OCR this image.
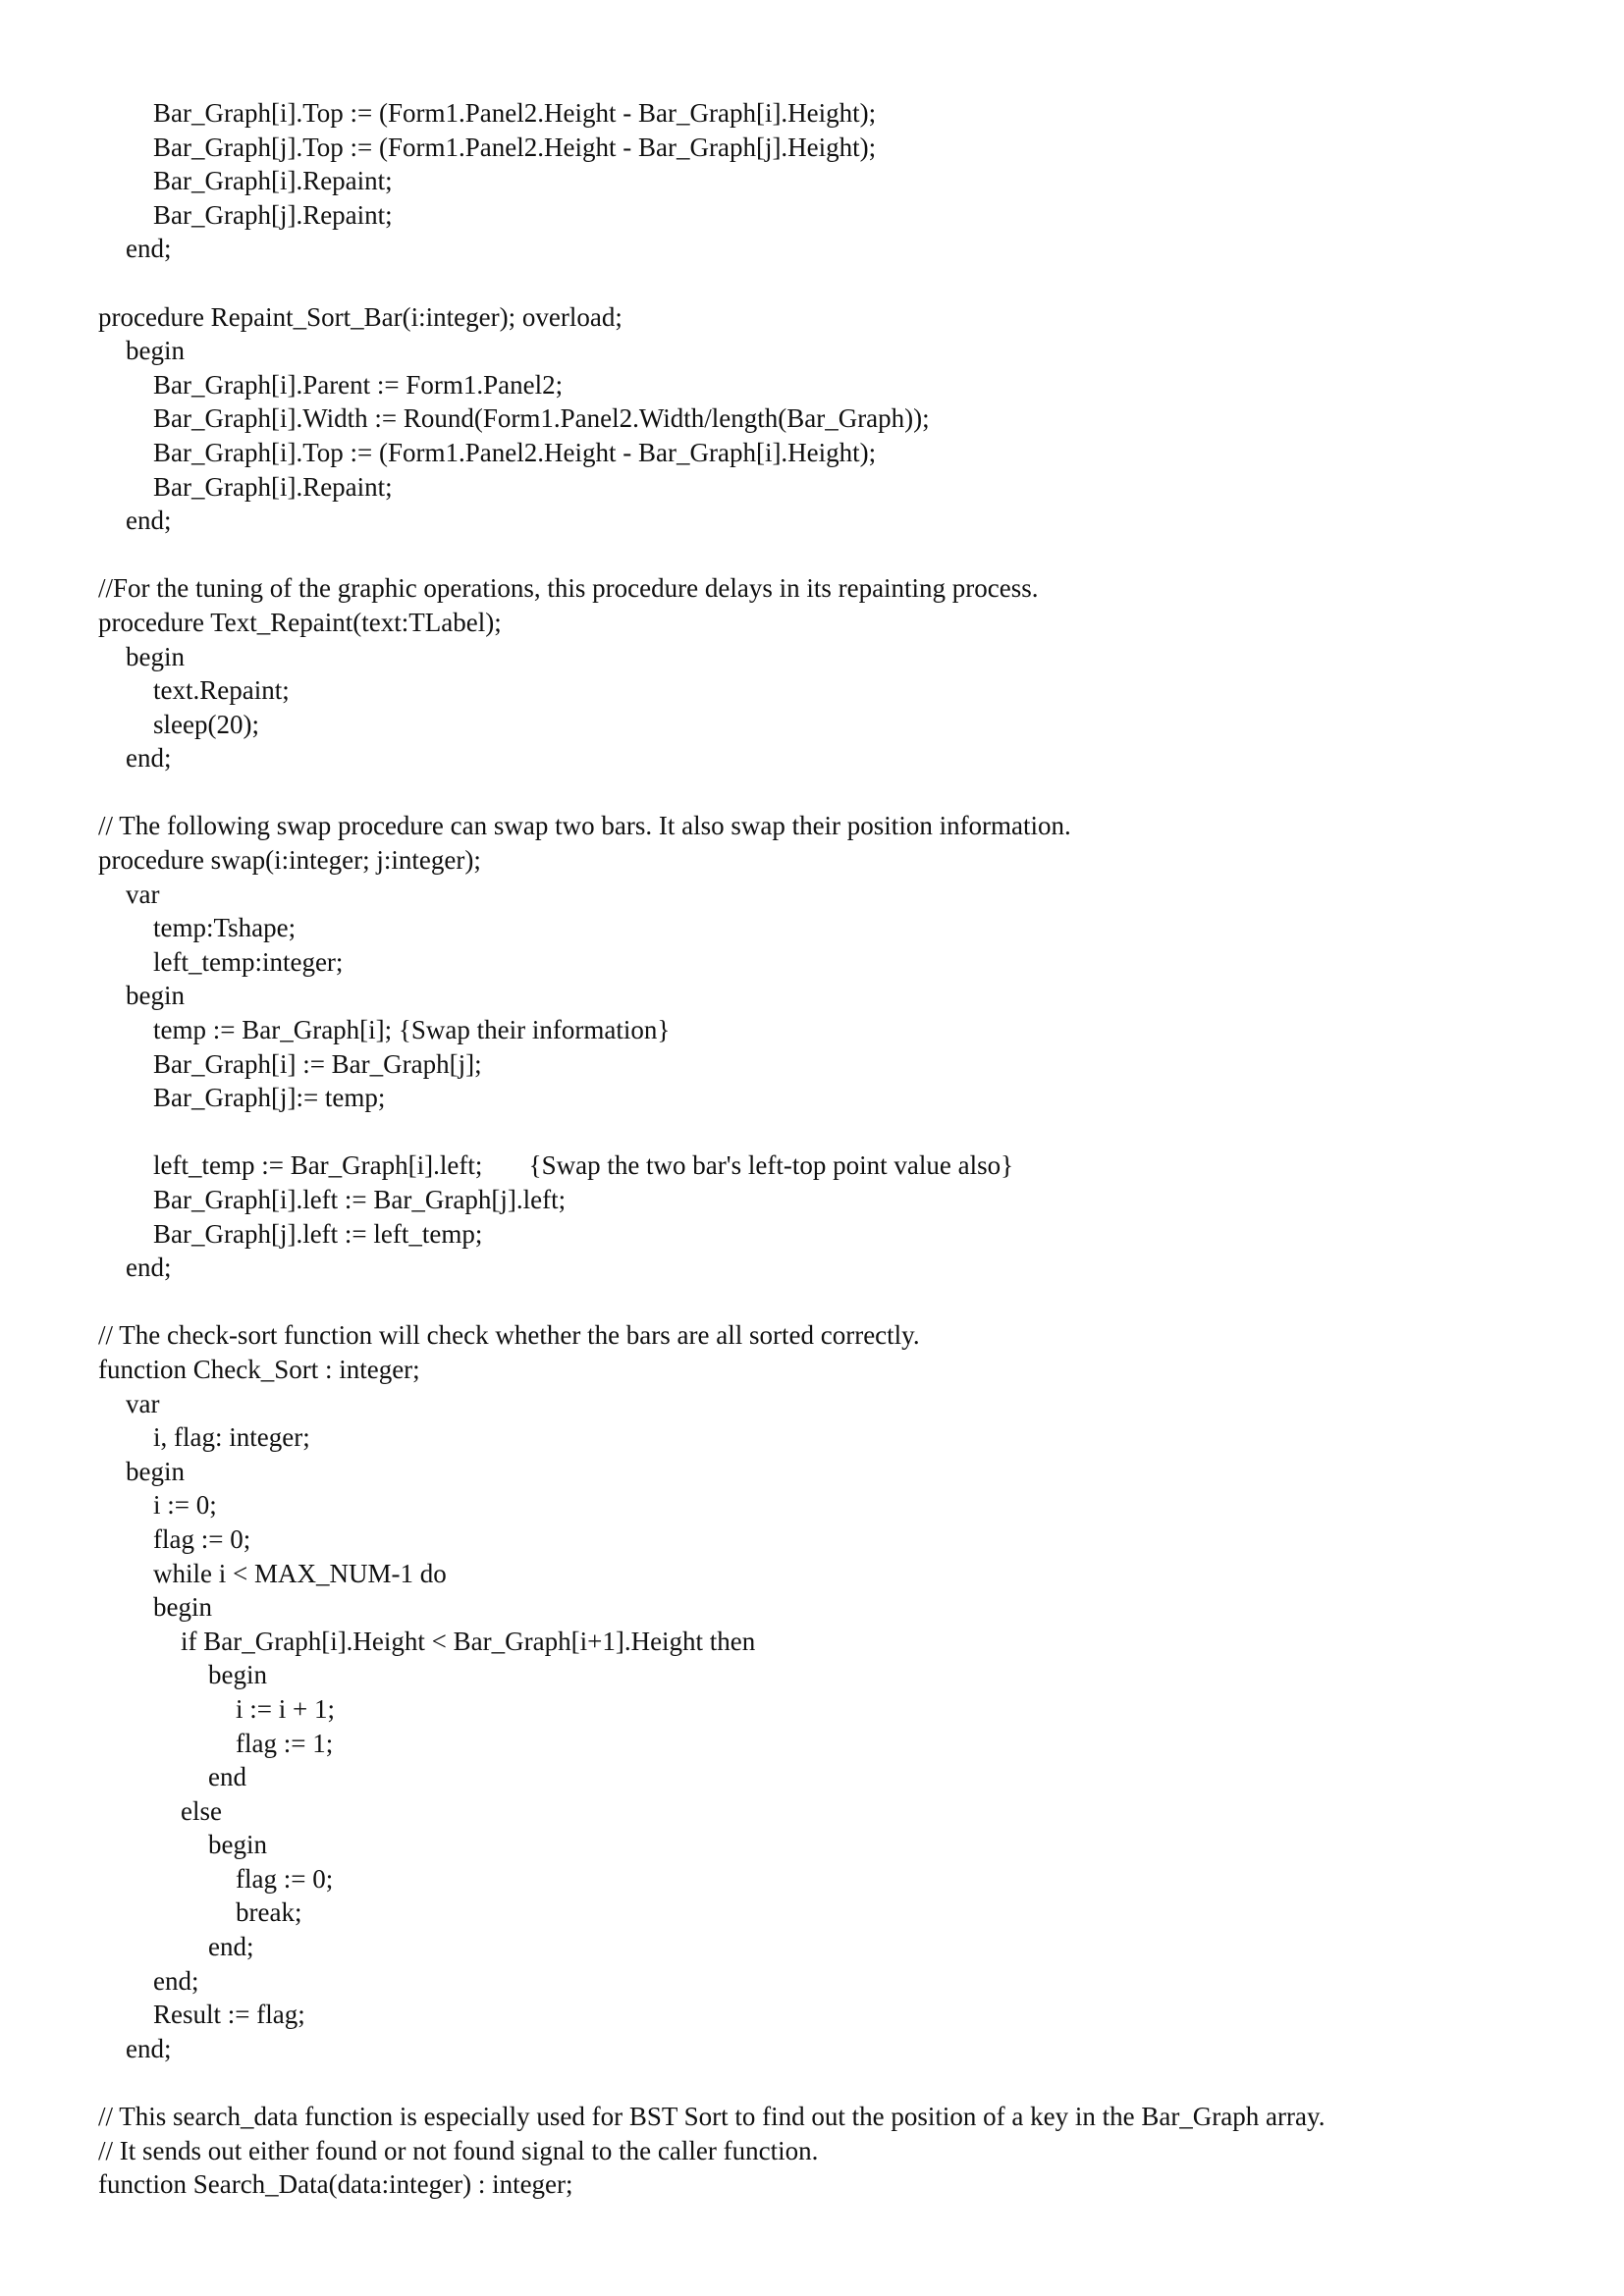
Bar_Graph[i].Top := (Form1.Panel2.Height - Bar_Graph[i].Height);
Bar_Graph[j].Top := (Form1.Panel2.Height - Bar_Graph[j].Height);
Bar_Graph[i].Repaint;
Bar_Graph[j].Repaint;
end;
procedure Repaint_Sort_Bar(i:integer); overload;
begin
Bar_Graph[i].Parent := Form1.Panel2;
Bar_Graph[i].Width := Round(Form1.Panel2.Width/length(Bar_Graph));
Bar_Graph[i].Top := (Form1.Panel2.Height - Bar_Graph[i].Height);
Bar_Graph[i].Repaint;
end;
//For the tuning of the graphic operations, this procedure delays in its repainting process.
procedure Text_Repaint(text:TLabel);
begin
text.Repaint;
sleep(20);
end;
// The following swap procedure can swap two bars. It also swap their position information.
procedure swap(i:integer; j:integer);
var
temp:Tshape;
left_temp:integer;
begin
temp := Bar_Graph[i]; {Swap their information}
Bar_Graph[i] := Bar_Graph[j];
Bar_Graph[j]:= temp;
left_temp := Bar_Graph[i].left;       {Swap the two bar's left-top point value also}
Bar_Graph[i].left := Bar_Graph[j].left;
Bar_Graph[j].left := left_temp;
end;
// The check-sort function will check whether the bars are all sorted correctly.
function Check_Sort : integer;
var
i, flag: integer;
begin
i := 0;
flag := 0;
while i < MAX_NUM-1 do
begin
if Bar_Graph[i].Height < Bar_Graph[i+1].Height then
begin
i := i + 1;
flag := 1;
end
else
begin
flag := 0;
break;
end;
end;
Result := flag;
end;
// This search_data function is especially used for BST Sort to find out the position of a key in the Bar_Graph array.
// It sends out either found or not found signal to the caller function.
function Search_Data(data:integer) : integer;
